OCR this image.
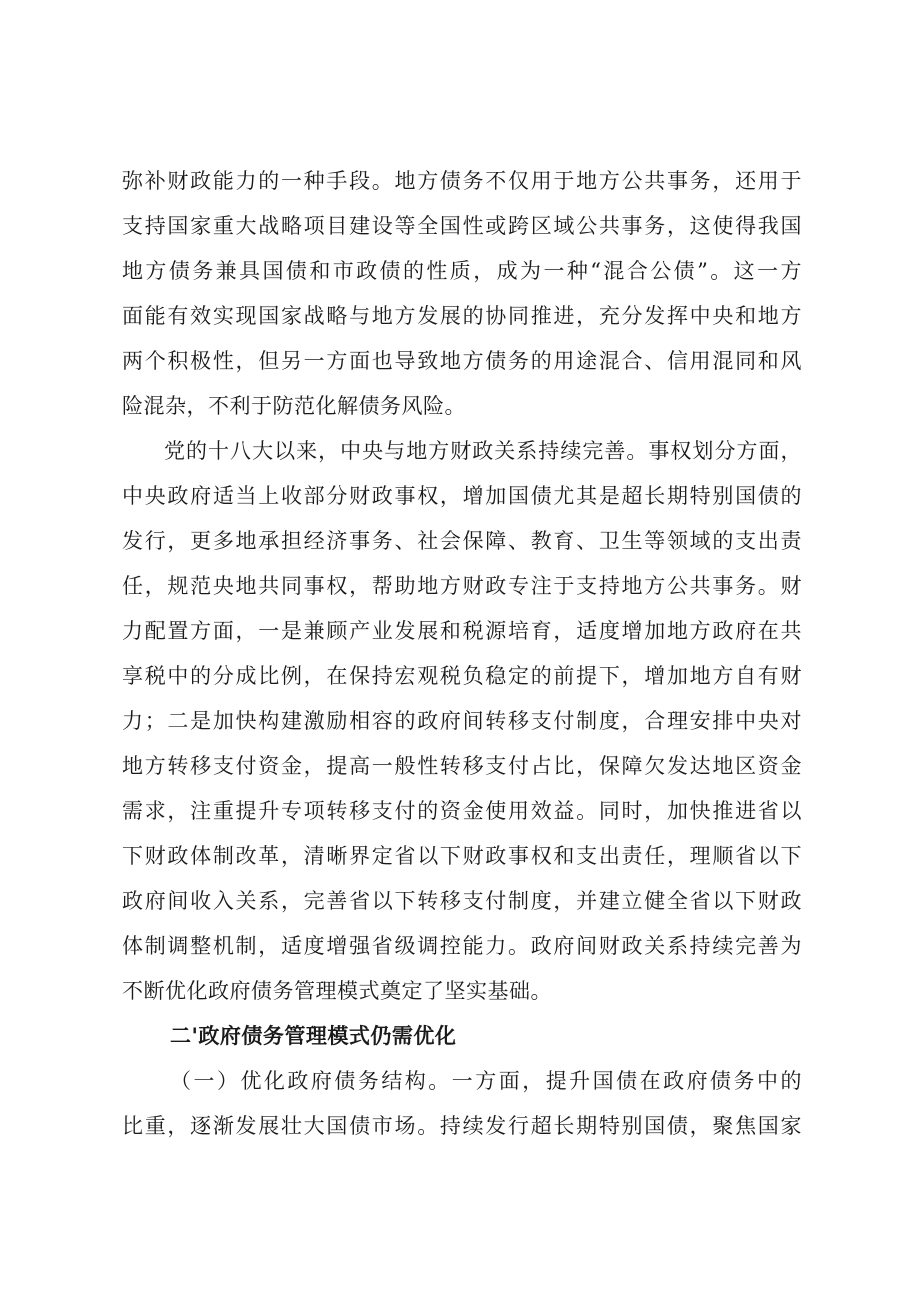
弥补财政能力的一种手段。地方债务不仅用于地方公共事务，还用于
支持国家重大战略项目建设等全国性或跨区域公共事务，这使得我国
地方债务兼具国债和市政债的性质，成为一种“混合公债”。这一方
面能有效实现国家战略与地方发展的协同推进，充分发挥中央和地方
两个积极性，但另一方面也导致地方债务的用途混合、信用混同和风
险混杂，不利于防范化解债务风险。
党的十八大以来，中央与地方财政关系持续完善。事权划分方面，
中央政府适当上收部分财政事权，增加国债尤其是超长期特别国债的
发行，更多地承担经济事务、社会保障、教育、卫生等领域的支出责
任，规范央地共同事权，帮助地方财政专注于支持地方公共事务。财
力配置方面，一是兼顾产业发展和税源培育，适度增加地方政府在共
享税中的分成比例，在保持宏观税负稳定的前提下，增加地方自有财
力；二是加快构建激励相容的政府间转移支付制度，合理安排中央对
地方转移支付资金，提高一般性转移支付占比，保障欠发达地区资金
需求，注重提升专项转移支付的资金使用效益。同时，加快推进省以
下财政体制改革，清晰界定省以下财政事权和支出责任，理顺省以下
政府间收入关系，完善省以下转移支付制度，并建立健全省以下财政
体制调整机制，适度增强省级调控能力。政府间财政关系持续完善为
不断优化政府债务管理模式奠定了坚实基础。
二'政府债务管理模式仍需优化
（一）优化政府债务结构。一方面，提升国债在政府债务中的
比重，逐渐发展壮大国债市场。持续发行超长期特别国债，聚焦国家
